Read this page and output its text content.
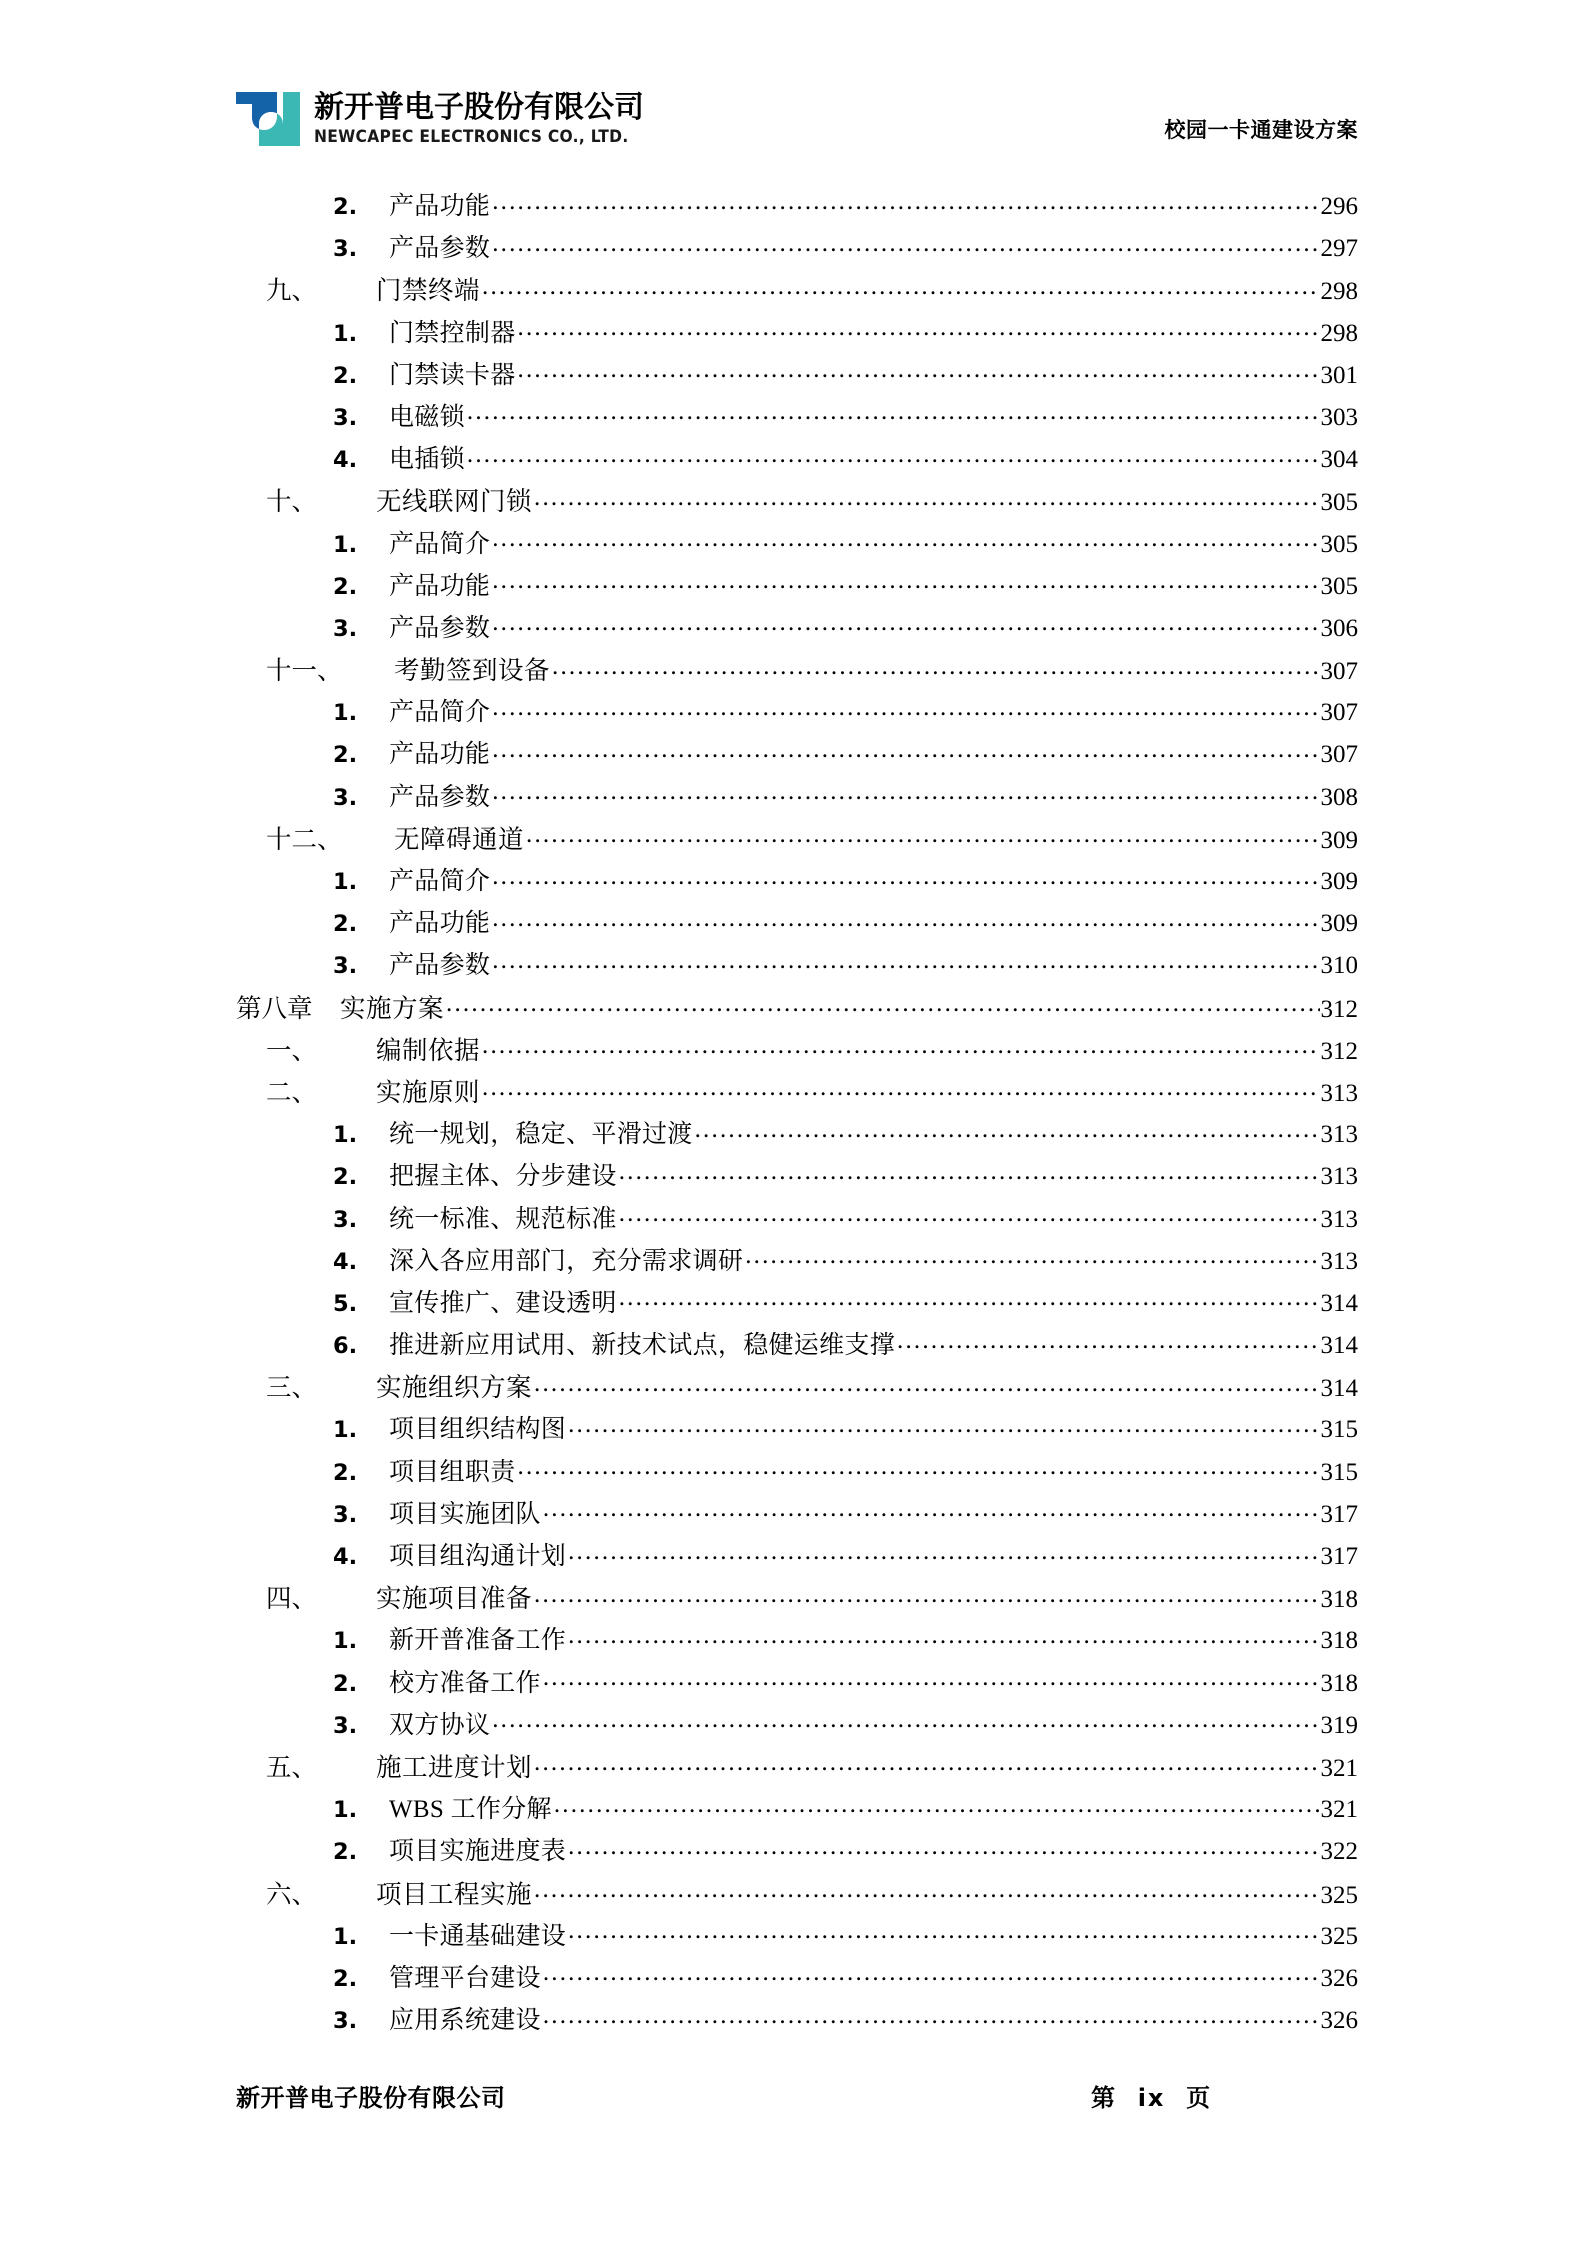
新开普电子股份有限公司
NEWCAPEC ELECTRONICS CO., LTD.	校园一卡通建设方案
2.	产品功能 .....	296
3.	产品参数 .....	297
九、	门禁终端 .....	298
1.	门禁控制器 .....	298
2.	门禁读卡器 .....	301
3.	电磁锁 .....	303
4.	电插锁 .....	304
十、	无线联网门锁 .....	305
1.	产品简介 .....	305
2.	产品功能 .....	305
3.	产品参数 .....	306
十一、	考勤签到设备 .....	307
1.	产品简介 .....	307
2.	产品功能 .....	307
3.	产品参数 .....	308
十二、	无障碍通道 .....	309
1.	产品简介 .....	309
2.	产品功能 .....	309
3.	产品参数 .....	310
第八章	实施方案 .....	312
一、	编制依据 .....	312
二、	实施原则 .....	313
1.	统一规划，稳定、平滑过渡 .....	313
2.	把握主体、分步建设 .....	313
3.	统一标准、规范标准 .....	313
4.	深入各应用部门，充分需求调研 .....	313
5.	宣传推广、建设透明 .....	314
6.	推进新应用试用、新技术试点，稳健运维支撑 .....	314
三、	实施组织方案 .....	314
1.	项目组织结构图 .....	315
2.	项目组职责 .....	315
3.	项目实施团队 .....	317
4.	项目组沟通计划 .....	317
四、	实施项目准备 .....	318
1.	新开普准备工作 .....	318
2.	校方准备工作 .....	318
3.	双方协议 .....	319
五、	施工进度计划 .....	321
1.	WBS 工作分解 .....	321
2.	项目实施进度表 .....	322
六、	项目工程实施 .....	325
1.	一卡通基础建设 .....	325
2.	管理平台建设 .....	326
3.	应用系统建设 .....	326
新开普电子股份有限公司	第  ix  页
